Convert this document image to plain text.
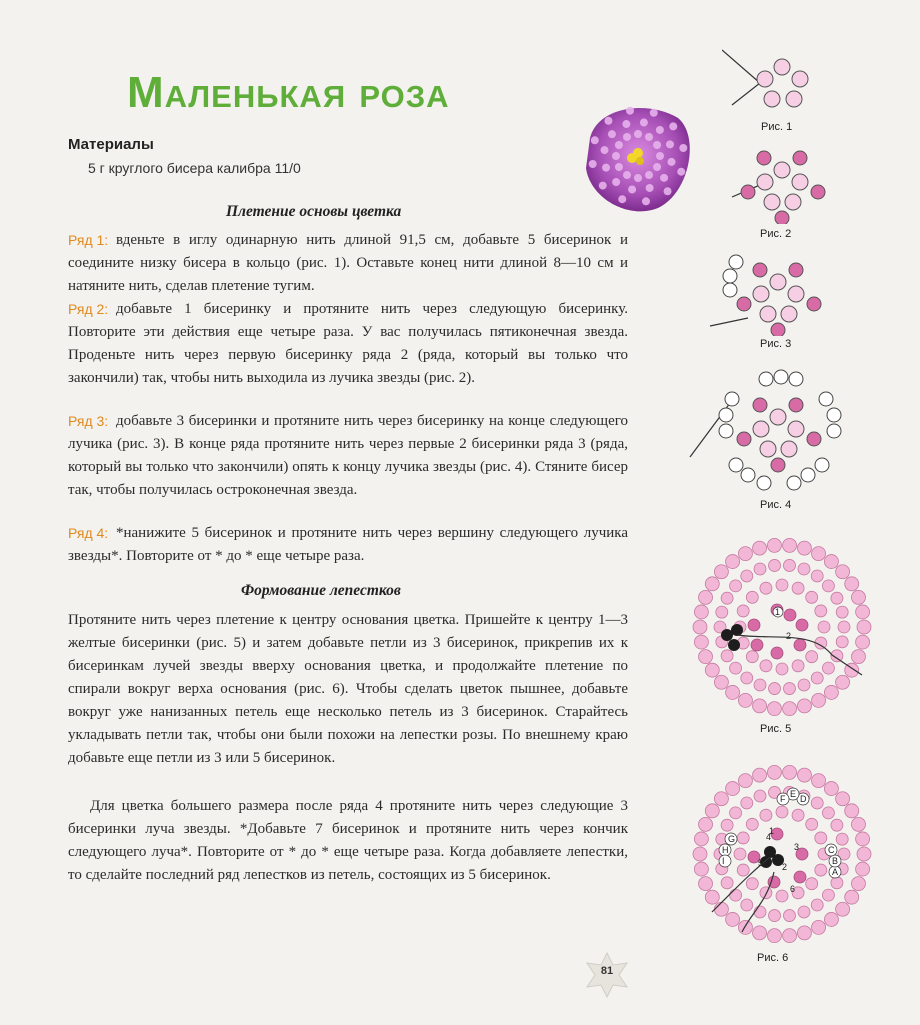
Маленькая роза
Материалы
5 г круглого бисера калибра 11/0
Плетение основы цветка
Ряд 1: вденьте в иглу одинарную нить длиной 91,5 см, добавьте 5 бисеринок и соедините низку бисера в кольцо (рис. 1). Оставьте конец нити длиной 8—10 см и натяните нить, сделав плетение тугим.
Ряд 2: добавьте 1 бисеринку и протяните нить через следующую бисеринку. Повторите эти действия еще четыре раза. У вас получилась пятиконечная звезда. Проденьте нить через первую бисеринку ряда 2 (ряда, который вы только что закончили) так, чтобы нить выходила из лучика звезды (рис. 2).
Ряд 3: добавьте 3 бисеринки и протяните нить через бисеринку на конце следующего лучика (рис. 3). В конце ряда протяните нить через первые 2 бисеринки ряда 3 (ряда, который вы только что закончили) опять к концу лучика звезды (рис. 4). Стяните бисер так, чтобы получилась остроконечная звезда.
Ряд 4: *нанижите 5 бисеринок и протяните нить через вершину следующего лучика звезды*. Повторите от * до * еще четыре раза.
Формование лепестков
Протяните нить через плетение к центру основания цветка. Пришейте к центру 1—3 желтые бисеринки (рис. 5) и затем добавьте петли из 3 бисеринок, прикрепив их к бисеринкам лучей звезды вверху основания цветка, и продолжайте плетение по спирали вокруг верха основания (рис. 6). Чтобы сделать цветок пышнее, добавьте вокруг уже нанизанных петель еще несколько петель из 3 бисеринок. Старайтесь укладывать петли так, чтобы они были похожи на лепестки розы. По внешнему краю добавьте еще петли из 3 или 5 бисеринок.
Для цветка большего размера после ряда 4 протяните нить через следующие 3 бисеринки луча звезды. *Добавьте 7 бисеринок и протяните нить через кончик следующего луча*. Повторите от * до * еще четыре раза. Когда добавляете лепестки, то сделайте последний ряд лепестков из петель, состоящих из 5 бисеринок.
Рис. 1
Рис. 2
Рис. 3
Рис. 4
1
2
Рис. 5
A
B
C
D
E
F
G
H
I
1
2
3
4
5
6
Рис. 6
81
